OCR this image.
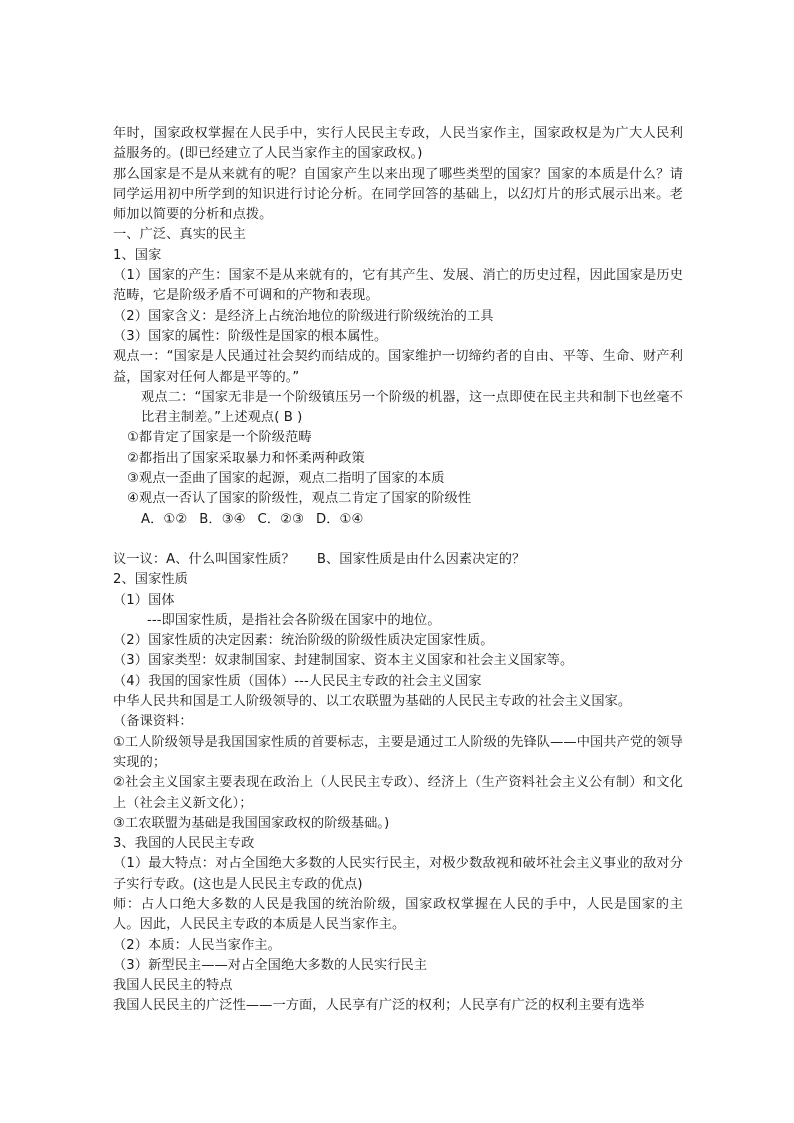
年时，国家政权掌握在人民手中，实行人民民主专政，人民当家作主，国家政权是为广大人民利益服务的。(即已经建立了人民当家作主的国家政权。)

那么国家是不是从来就有的呢？自国家产生以来出现了哪些类型的国家？国家的本质是什么？请同学运用初中所学到的知识进行讨论分析。在同学回答的基础上，以幻灯片的形式展示出来。老师加以简要的分析和点拨。

一、广泛、真实的民主

1、国家

（1）国家的产生：国家不是从来就有的，它有其产生、发展、消亡的历史过程，因此国家是历史范畴，它是阶级矛盾不可调和的产物和表现。

（2）国家含义：是经济上占统治地位的阶级进行阶级统治的工具

（3）国家的属性：阶级性是国家的根本属性。

观点一：“国家是人民通过社会契约而结成的。国家维护一切缔约者的自由、平等、生命、财产利益，国家对任何人都是平等的。”

观点二：“国家无非是一个阶级镇压另一个阶级的机器，这一点即使在民主共和制下也丝毫不比君主制差。”上述观点( B )

①都肯定了国家是一个阶级范畴

②都指出了国家采取暴力和怀柔两种政策

③观点一歪曲了国家的起源，观点二指明了国家的本质

④观点一否认了国家的阶级性，观点二肯定了国家的阶级性

A．①② B．③④ C．②③ D．①④

议一议：A、什么叫国家性质？ B、国家性质是由什么因素决定的？

2、国家性质

（1）国体

---即国家性质，是指社会各阶级在国家中的地位。

（2）国家性质的决定因素：统治阶级的阶级性质决定国家性质。

（3）国家类型：奴隶制国家、封建制国家、资本主义国家和社会主义国家等。

（4）我国的国家性质（国体）---人民民主专政的社会主义国家

中华人民共和国是工人阶级领导的、以工农联盟为基础的人民民主专政的社会主义国家。

（备课资料：

①工人阶级领导是我国国家性质的首要标志，主要是通过工人阶级的先锋队——中国共产党的领导实现的；

②社会主义国家主要表现在政治上（人民民主专政）、经济上（生产资料社会主义公有制）和文化上（社会主义新文化）；

③工农联盟为基础是我国国家政权的阶级基础。)

3、我国的人民民主专政

（1）最大特点：对占全国绝大多数的人民实行民主，对极少数敌视和破坏社会主义事业的敌对分子实行专政。(这也是人民民主专政的优点)

师：占人口绝大多数的人民是我国的统治阶级，国家政权掌握在人民的手中，人民是国家的主人。因此，人民民主专政的本质是人民当家作主。

（2）本质：人民当家作主。

（3）新型民主——对占全国绝大多数的人民实行民主

我国人民民主的特点

我国人民民主的广泛性——一方面，人民享有广泛的权利；人民享有广泛的权利主要有选举
